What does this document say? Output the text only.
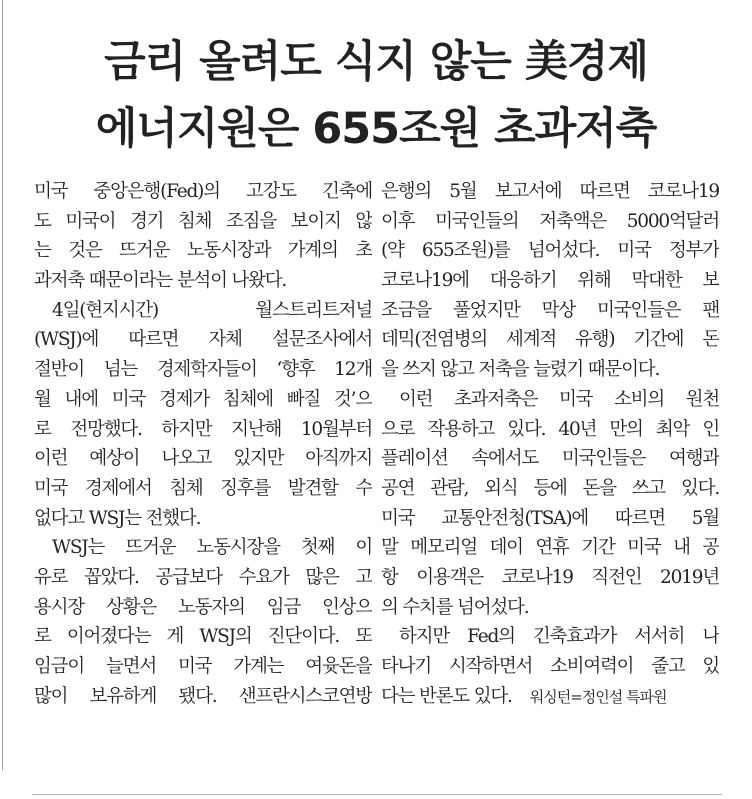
금리 올려도 식지 않는 美경제
에너지원은 655조원 초과저축
미국 중앙은행(Fed)의 고강도 긴축에
도 미국이 경기 침체 조짐을 보이지 않
는 것은 뜨거운 노동시장과 가계의 초
과저축 때문이라는 분석이 나왔다.
4일(현지시간) 월스트리트저널
(WSJ)에 따르면 자체 설문조사에서
절반이 넘는 경제학자들이 ‘향후 12개
월 내에 미국 경제가 침체에 빠질 것’으
로 전망했다. 하지만 지난해 10월부터
이런 예상이 나오고 있지만 아직까지
미국 경제에서 침체 징후를 발견할 수
없다고 WSJ는 전했다.
WSJ는 뜨거운 노동시장을 첫째 이
유로 꼽았다. 공급보다 수요가 많은 고
용시장 상황은 노동자의 임금 인상으
로 이어졌다는 게 WSJ의 진단이다. 또
임금이 늘면서 미국 가계는 여윳돈을
많이 보유하게 됐다. 샌프란시스코연방
은행의 5월 보고서에 따르면 코로나19
이후 미국인들의 저축액은 5000억달러
(약 655조원)를 넘어섰다. 미국 정부가
코로나19에 대응하기 위해 막대한 보
조금을 풀었지만 막상 미국인들은 팬
데믹(전염병의 세계적 유행) 기간에 돈
을 쓰지 않고 저축을 늘렸기 때문이다.
이런 초과저축은 미국 소비의 원천
으로 작용하고 있다. 40년 만의 최악 인
플레이션 속에서도 미국인들은 여행과
공연 관람, 외식 등에 돈을 쓰고 있다.
미국 교통안전청(TSA)에 따르면 5월
말 메모리얼 데이 연휴 기간 미국 내 공
항 이용객은 코로나19 직전인 2019년
의 수치를 넘어섰다.
하지만 Fed의 긴축효과가 서서히 나
타나기 시작하면서 소비여력이 줄고 있
다는 반론도 있다. 워싱턴=정인설 특파원
